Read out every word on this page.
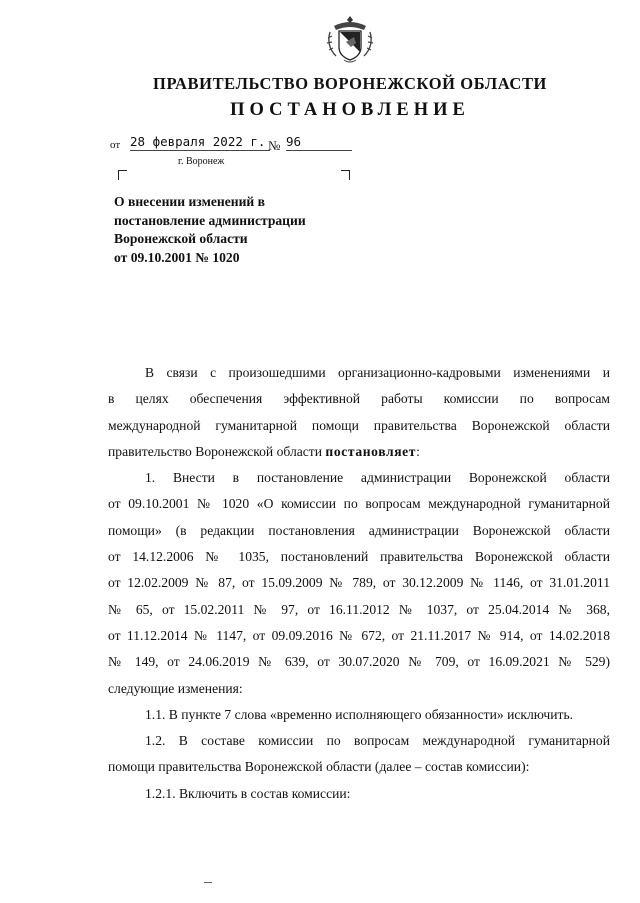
ПРАВИТЕЛЬСТВО ВОРОНЕЖСКОЙ ОБЛАСТИ
ПОСТАНОВЛЕНИЕ
от 28 февраля 2022 г. № 96
г. Воронеж
О внесении изменений в
постановление администрации
Воронежской области
от 09.10.2001 № 1020
В связи с произошедшими организационно-кадровыми изменениями и
в целях обеспечения эффективной работы комиссии по вопросам
международной гуманитарной помощи правительства Воронежской области
правительство Воронежской области постановляет:
1. Внести в постановление администрации Воронежской области
от 09.10.2001 № 1020 «О комиссии по вопросам международной гуманитарной
помощи» (в редакции постановления администрации Воронежской области
от 14.12.2006 № 1035, постановлений правительства Воронежской области
от 12.02.2009 № 87, от 15.09.2009 № 789, от 30.12.2009 № 1146, от 31.01.2011
№ 65, от 15.02.2011 № 97, от 16.11.2012 № 1037, от 25.04.2014 № 368,
от 11.12.2014 № 1147, от 09.09.2016 № 672, от 21.11.2017 № 914, от 14.02.2018
№ 149, от 24.06.2019 № 639, от 30.07.2020 № 709, от 16.09.2021 № 529)
следующие изменения:
1.1. В пункте 7 слова «временно исполняющего обязанности» исключить.
1.2. В составе комиссии по вопросам международной гуманитарной
помощи правительства Воронежской области (далее – состав комиссии):
1.2.1. Включить в состав комиссии:
